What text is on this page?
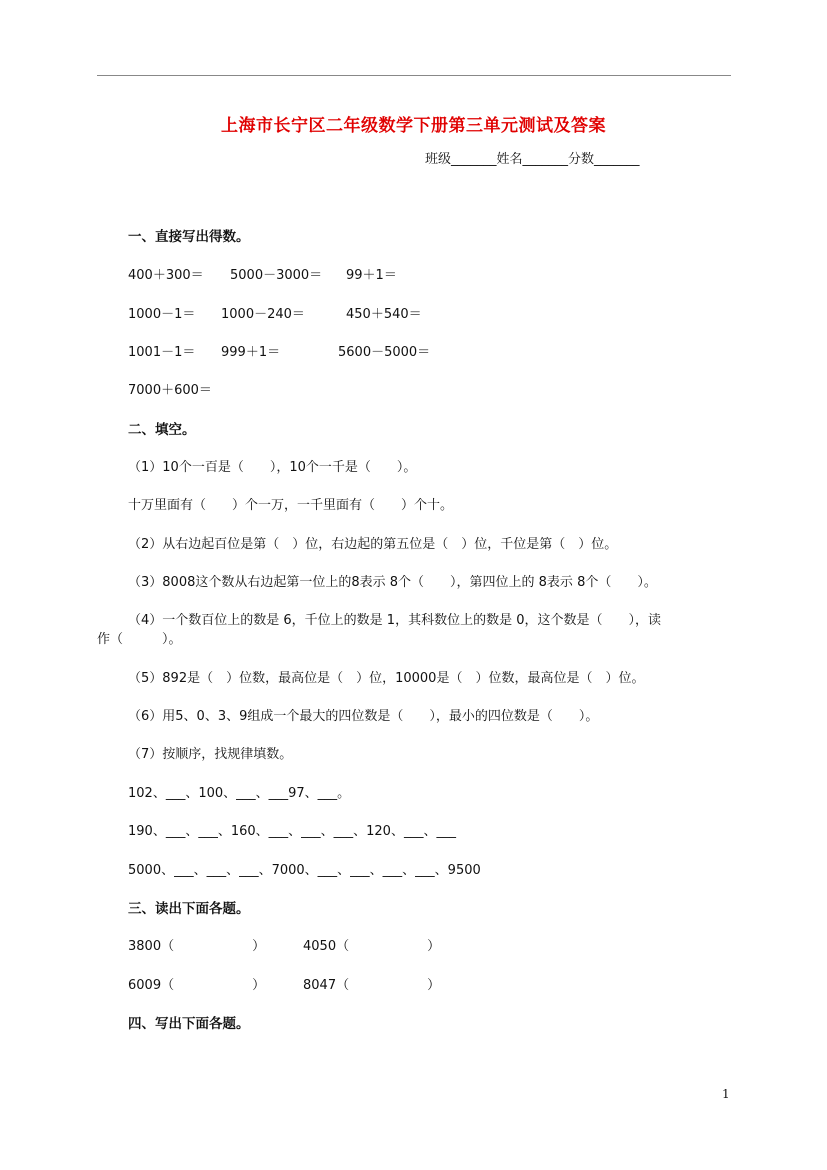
上海市长宁区二年级数学下册第三单元测试及答案
班级_______姓名_______分数_______
一、直接写出得数。
400＋300＝ 5000－3000＝ 99＋1＝
1000－1＝ 1000－240＝	450＋540＝
1001－1＝ 999＋1＝	5600－5000＝
7000＋600＝
二、填空。
（1）10个一百是（　　），10个一千是（　　）。
十万里面有（　　）个一万，一千里面有（　　）个十。
（2）从右边起百位是第（　）位，右边起的第五位是（　）位，千位是第（　）位。
（3）8008这个数从右边起第一位上的8表示 8个（　　），第四位上的 8表示 8个（　　）。
（4）一个数百位上的数是 6，千位上的数是 1，其科数位上的数是 0，这个数是（　　），读
作（　　　）。
（5）892是（　）位数，最高位是（　）位，10000是（　）位数，最高位是（　）位。
（6）用5、0、3、9组成一个最大的四位数是（　　），最小的四位数是（　　）。
（7）按顺序，找规律填数。
102、___、100、___、___97、___。
190、___、___、160、___、___、___、120、___、___
5000、___、___、___、7000、___、___、___、___、9500
三、读出下面各题。
3800（　　　　　　）	4050（　　　　　　）
6009（　　　　　　）	8047（　　　　　　）
四、写出下面各题。
1
